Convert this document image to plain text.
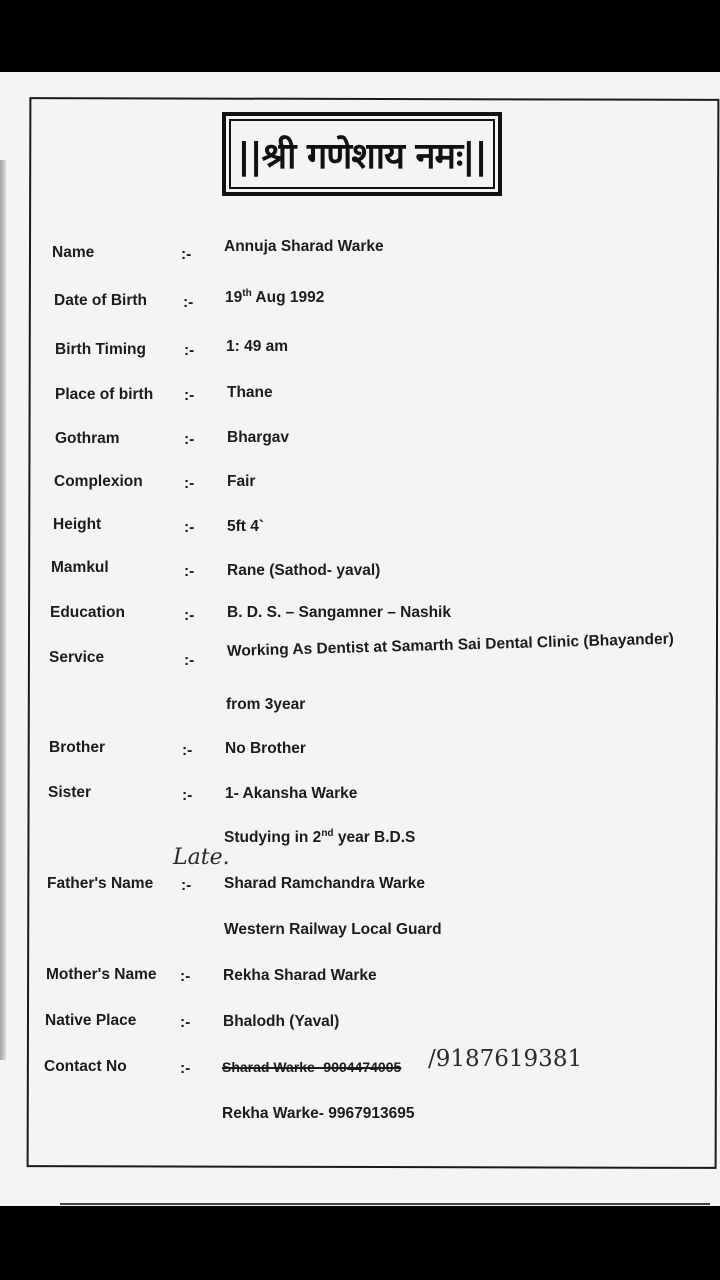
||श्री गणेशाय नमः||
Name	:- Annuja Sharad Warke
Date of Birth :- 19th Aug 1992
Birth Timing :- 1: 49 am
Place of birth :- Thane
Gothram	:- Bhargav
Complexion	:- Fair
Height	:- 5ft 4`
Mamkul	:- Rane (Sathod- yaval)
Education	:- B. D. S. – Sangamner – Nashik
Service	:-
Working As Dentist at Samarth Sai Dental Clinic (Bhayander)
from 3year
Brother	:- No Brother
Sister	:- 1- Akansha Warke
Studying in 2nd year B.D.S
Late.
Father's Name :- Sharad Ramchandra Warke
Western Railway Local Guard
Mother's Name :- Rekha Sharad Warke
Native Place	:- Bhalodh (Yaval)
Contact No	:- Sharad Warke- 9004474005 /9187619381
Rekha Warke- 9967913695
